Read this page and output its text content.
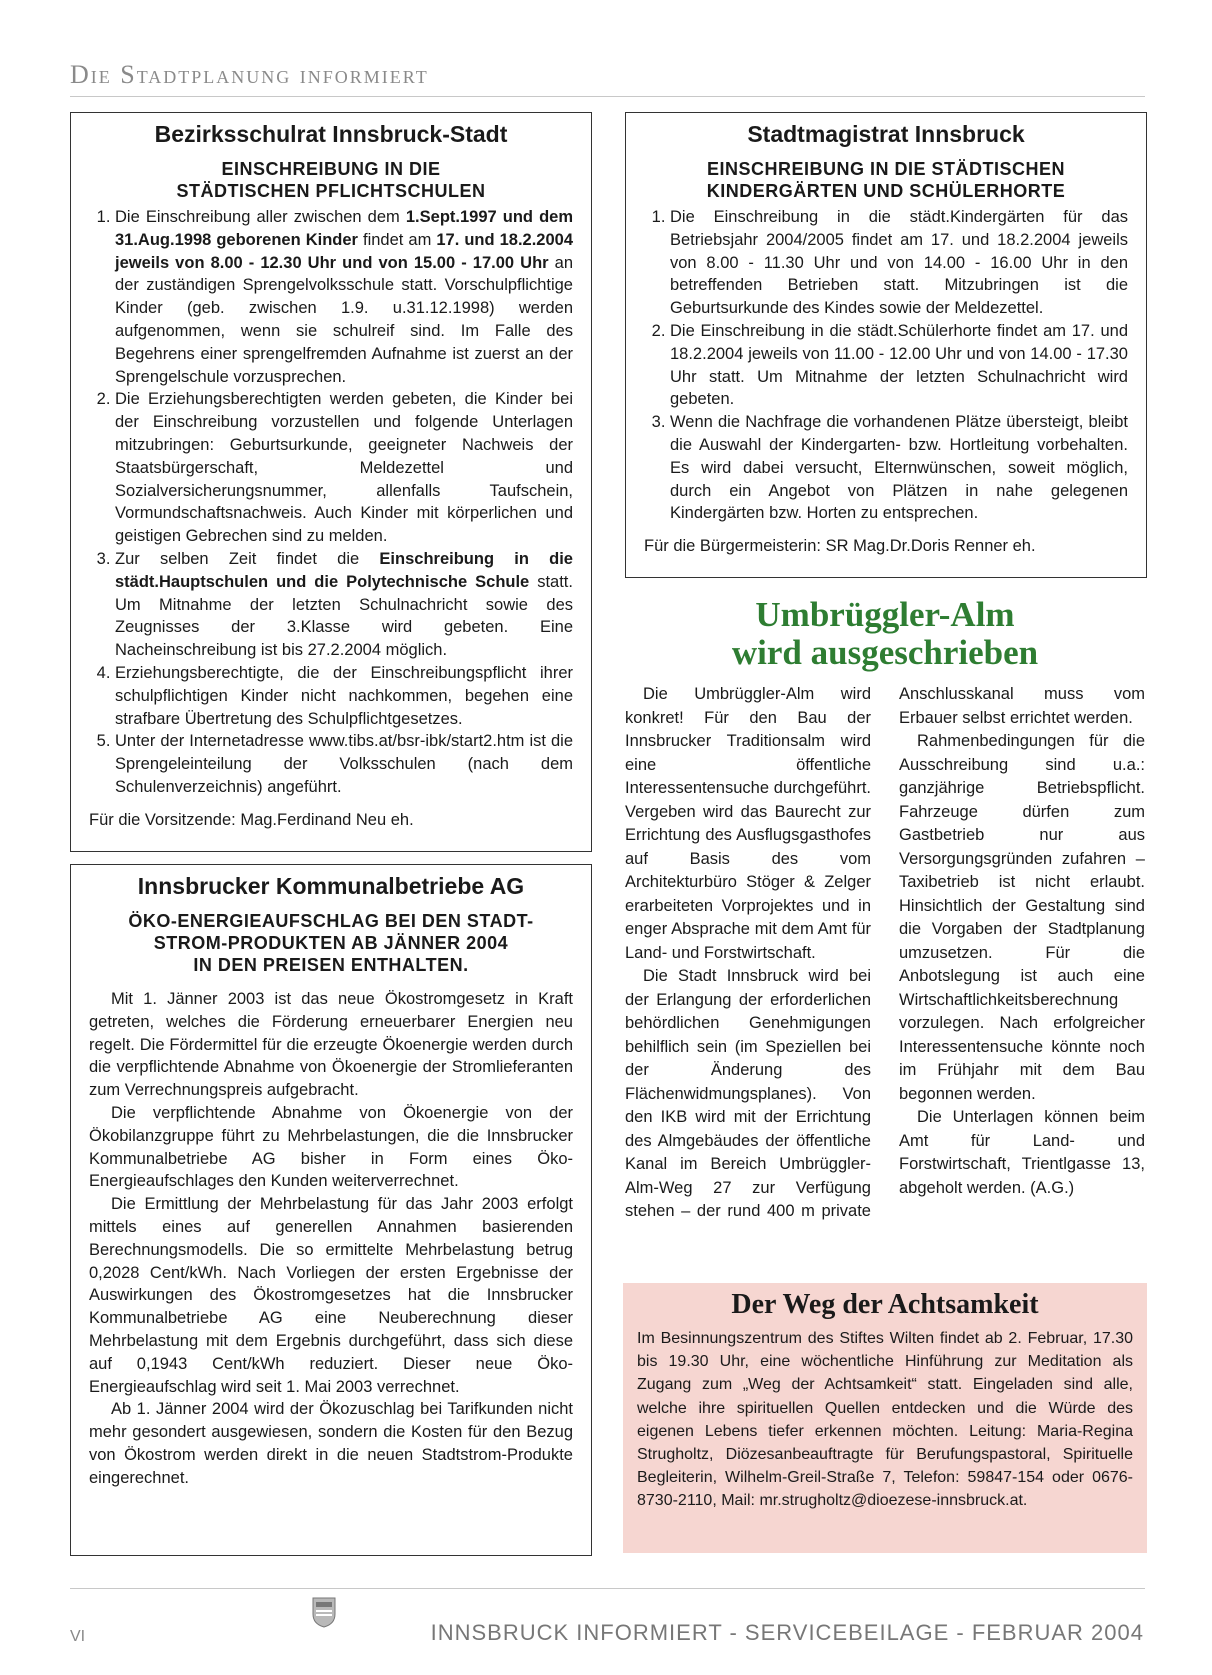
Die Stadtplanung informiert
Bezirksschulrat Innsbruck-Stadt
EINSCHREIBUNG IN DIE
STÄDTISCHEN PFLICHTSCHULEN
1. Die Einschreibung aller zwischen dem 1.Sept.1997 und dem 31.Aug.1998 geborenen Kinder findet am 17. und 18.2.2004 jeweils von 8.00 - 12.30 Uhr und von 15.00 - 17.00 Uhr an der zuständigen Sprengelvolksschule statt. Vorschulpflichtige Kinder (geb. zwischen 1.9. u.31.12.1998) werden aufgenommen, wenn sie schulreif sind. Im Falle des Begehrens einer sprengelfremden Aufnahme ist zuerst an der Sprengelschule vorzusprechen.
2. Die Erziehungsberechtigten werden gebeten, die Kinder bei der Einschreibung vorzustellen und folgende Unterlagen mitzubringen: Geburtsurkunde, geeigneter Nachweis der Staatsbürgerschaft, Meldezettel und Sozialversicherungsnummer, allenfalls Taufschein, Vormundschaftsnachweis. Auch Kinder mit körperlichen und geistigen Gebrechen sind zu melden.
3. Zur selben Zeit findet die Einschreibung in die städt.Hauptschulen und die Polytechnische Schule statt. Um Mitnahme der letzten Schulnachricht sowie des Zeugnisses der 3.Klasse wird gebeten. Eine Nacheinschreibung ist bis 27.2.2004 möglich.
4. Erziehungsberechtigte, die der Einschreibungspflicht ihrer schulpflichtigen Kinder nicht nachkommen, begehen eine strafbare Übertretung des Schulpflichtgesetzes.
5. Unter der Internetadresse www.tibs.at/bsr-ibk/start2.htm ist die Sprengeleinteilung der Volksschulen (nach dem Schulenverzeichnis) angeführt.
Für die Vorsitzende: Mag.Ferdinand Neu eh.
Innsbrucker Kommunalbetriebe AG
ÖKO-ENERGIEAUFSCHLAG BEI DEN STADT-
STROM-PRODUKTEN AB JÄNNER 2004
IN DEN PREISEN ENTHALTEN.

Mit 1. Jänner 2003 ist das neue Ökostromgesetz in Kraft getreten, welches die Förderung erneuerbarer Energien neu regelt. Die Fördermittel für die erzeugte Ökoenergie werden durch die verpflichtende Abnahme von Ökoenergie der Stromlieferanten zum Verrechnungspreis aufgebracht.

Die verpflichtende Abnahme von Ökoenergie von der Ökobilanzgruppe führt zu Mehrbelastungen, die die Innsbrucker Kommunalbetriebe AG bisher in Form eines Öko-Energieaufschlages den Kunden weiterverrechnet.

Die Ermittlung der Mehrbelastung für das Jahr 2003 erfolgt mittels eines auf generellen Annahmen basierenden Berechnungsmodells. Die so ermittelte Mehrbelastung betrug 0,2028 Cent/kWh. Nach Vorliegen der ersten Ergebnisse der Auswirkungen des Ökostromgesetzes hat die Innsbrucker Kommunalbetriebe AG eine Neuberechnung dieser Mehrbelastung mit dem Ergebnis durchgeführt, dass sich diese auf 0,1943 Cent/kWh reduziert. Dieser neue Öko-Energieaufschlag wird seit 1. Mai 2003 verrechnet.

Ab 1. Jänner 2004 wird der Ökozuschlag bei Tarifkunden nicht mehr gesondert ausgewiesen, sondern die Kosten für den Bezug von Ökostrom werden direkt in die neuen Stadtstrom-Produkte eingerechnet.

Stadtmagistrat Innsbruck
EINSCHREIBUNG IN DIE STÄDTISCHEN
KINDERGÄRTEN UND SCHÜLERHORTE
1. Die Einschreibung in die städt.Kindergärten für das Betriebsjahr 2004/2005 findet am 17. und 18.2.2004 jeweils von 8.00 - 11.30 Uhr und von 14.00 - 16.00 Uhr in den betreffenden Betrieben statt. Mitzubringen ist die Geburtsurkunde des Kindes sowie der Meldezettel.
2. Die Einschreibung in die städt.Schülerhorte findet am 17. und 18.2.2004 jeweils von 11.00 - 12.00 Uhr und von 14.00 - 17.30 Uhr statt. Um Mitnahme der letzten Schulnachricht wird gebeten.
3. Wenn die Nachfrage die vorhandenen Plätze übersteigt, bleibt die Auswahl der Kindergarten- bzw. Hortleitung vorbehalten. Es wird dabei versucht, Elternwünschen, soweit möglich, durch ein Angebot von Plätzen in nahe gelegenen Kindergärten bzw. Horten zu entsprechen.
Für die Bürgermeisterin: SR Mag.Dr.Doris Renner eh.
Umbrüggler-Alm
wird ausgeschrieben

Die Umbrüggler-Alm wird konkret! Für den Bau der Innsbrucker Traditionsalm wird eine öffentliche Interessentensuche durchgeführt. Vergeben wird das Baurecht zur Errichtung des Ausflugsgasthofes auf Basis des vom Architekturbüro Stöger & Zelger erarbeiteten Vorprojektes und in enger Absprache mit dem Amt für Land- und Forstwirtschaft.

Die Stadt Innsbruck wird bei der Erlangung der erforderlichen behördlichen Genehmigungen behilflich sein (im Speziellen bei der Änderung des Flächenwidmungsplanes). Von den IKB wird mit der Errichtung des Almgebäudes der öffentliche Kanal im Bereich Umbrüggler-Alm-Weg 27 zur Verfügung stehen – der rund 400 m private Anschlusskanal muss vom Erbauer selbst errichtet werden.

Rahmenbedingungen für die Ausschreibung sind u.a.: ganzjährige Betriebspflicht. Fahrzeuge dürfen zum Gastbetrieb nur aus Versorgungsgründen zufahren – Taxibetrieb ist nicht erlaubt. Hinsichtlich der Gestaltung sind die Vorgaben der Stadtplanung umzusetzen. Für die Anbotslegung ist auch eine Wirtschaftlichkeitsberechnung vorzulegen. Nach erfolgreicher Interessentensuche könnte noch im Frühjahr mit dem Bau begonnen werden.

Die Unterlagen können beim Amt für Land- und Forstwirtschaft, Trientlgasse 13, abgeholt werden. (A.G.)

Der Weg der Achtsamkeit
Im Besinnungszentrum des Stiftes Wilten findet ab 2. Februar, 17.30 bis 19.30 Uhr, eine wöchentliche Hinführung zur Meditation als Zugang zum „Weg der Achtsamkeit“ statt. Eingeladen sind alle, welche ihre spirituellen Quellen entdecken und die Würde des eigenen Lebens tiefer erkennen möchten. Leitung: Maria-Regina Strugholtz, Diözesanbeauftragte für Berufungspastoral, Spirituelle Begleiterin, Wilhelm-Greil-Straße 7, Telefon: 59847-154 oder 0676-8730-2110, Mail: mr.strugholtz@dioezese-innsbruck.at.
VI	INNSBRUCK INFORMIERT - SERVICEBEILAGE - FEBRUAR 2004
